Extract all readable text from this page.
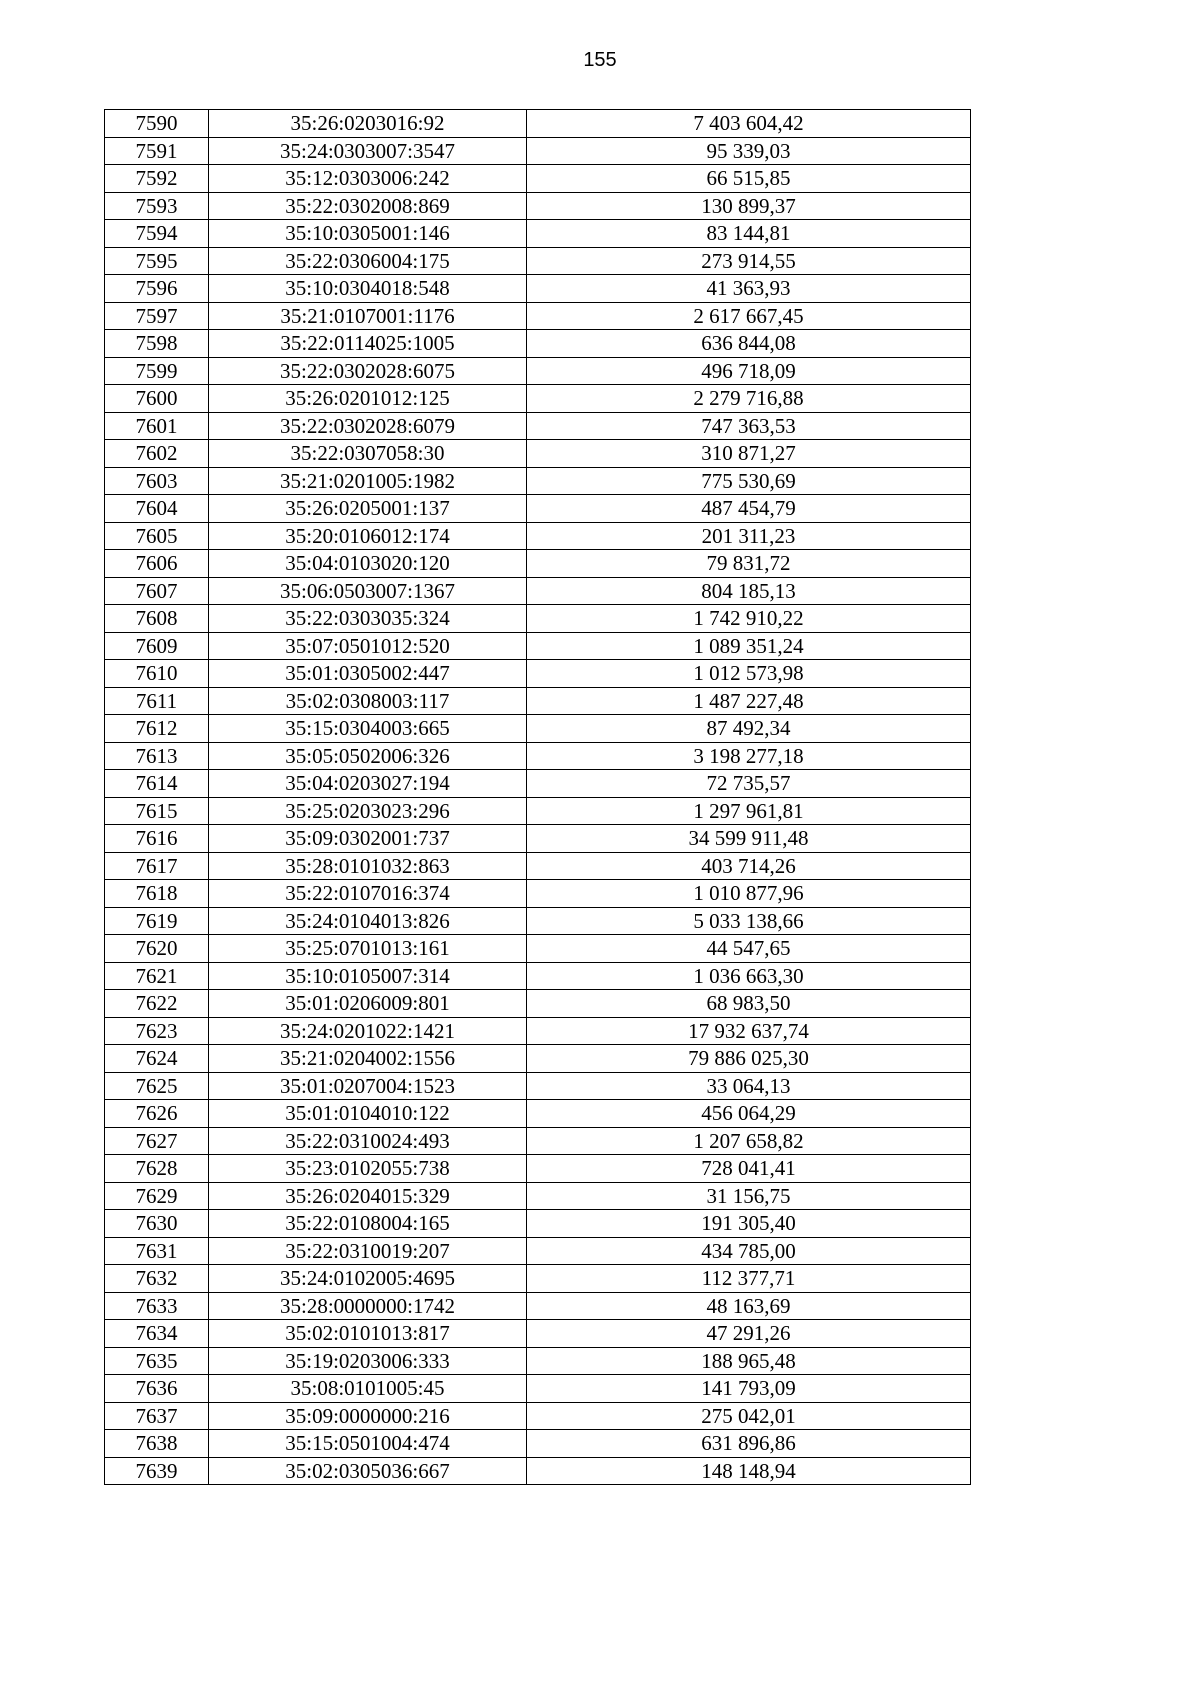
155
7590	35:26:0203016:92	7 403 604,42
7591	35:24:0303007:3547	95 339,03
7592	35:12:0303006:242	66 515,85
7593	35:22:0302008:869	130 899,37
7594	35:10:0305001:146	83 144,81
7595	35:22:0306004:175	273 914,55
7596	35:10:0304018:548	41 363,93
7597	35:21:0107001:1176	2 617 667,45
7598	35:22:0114025:1005	636 844,08
7599	35:22:0302028:6075	496 718,09
7600	35:26:0201012:125	2 279 716,88
7601	35:22:0302028:6079	747 363,53
7602	35:22:0307058:30	310 871,27
7603	35:21:0201005:1982	775 530,69
7604	35:26:0205001:137	487 454,79
7605	35:20:0106012:174	201 311,23
7606	35:04:0103020:120	79 831,72
7607	35:06:0503007:1367	804 185,13
7608	35:22:0303035:324	1 742 910,22
7609	35:07:0501012:520	1 089 351,24
7610	35:01:0305002:447	1 012 573,98
7611	35:02:0308003:117	1 487 227,48
7612	35:15:0304003:665	87 492,34
7613	35:05:0502006:326	3 198 277,18
7614	35:04:0203027:194	72 735,57
7615	35:25:0203023:296	1 297 961,81
7616	35:09:0302001:737	34 599 911,48
7617	35:28:0101032:863	403 714,26
7618	35:22:0107016:374	1 010 877,96
7619	35:24:0104013:826	5 033 138,66
7620	35:25:0701013:161	44 547,65
7621	35:10:0105007:314	1 036 663,30
7622	35:01:0206009:801	68 983,50
7623	35:24:0201022:1421	17 932 637,74
7624	35:21:0204002:1556	79 886 025,30
7625	35:01:0207004:1523	33 064,13
7626	35:01:0104010:122	456 064,29
7627	35:22:0310024:493	1 207 658,82
7628	35:23:0102055:738	728 041,41
7629	35:26:0204015:329	31 156,75
7630	35:22:0108004:165	191 305,40
7631	35:22:0310019:207	434 785,00
7632	35:24:0102005:4695	112 377,71
7633	35:28:0000000:1742	48 163,69
7634	35:02:0101013:817	47 291,26
7635	35:19:0203006:333	188 965,48
7636	35:08:0101005:45	141 793,09
7637	35:09:0000000:216	275 042,01
7638	35:15:0501004:474	631 896,86
7639	35:02:0305036:667	148 148,94
